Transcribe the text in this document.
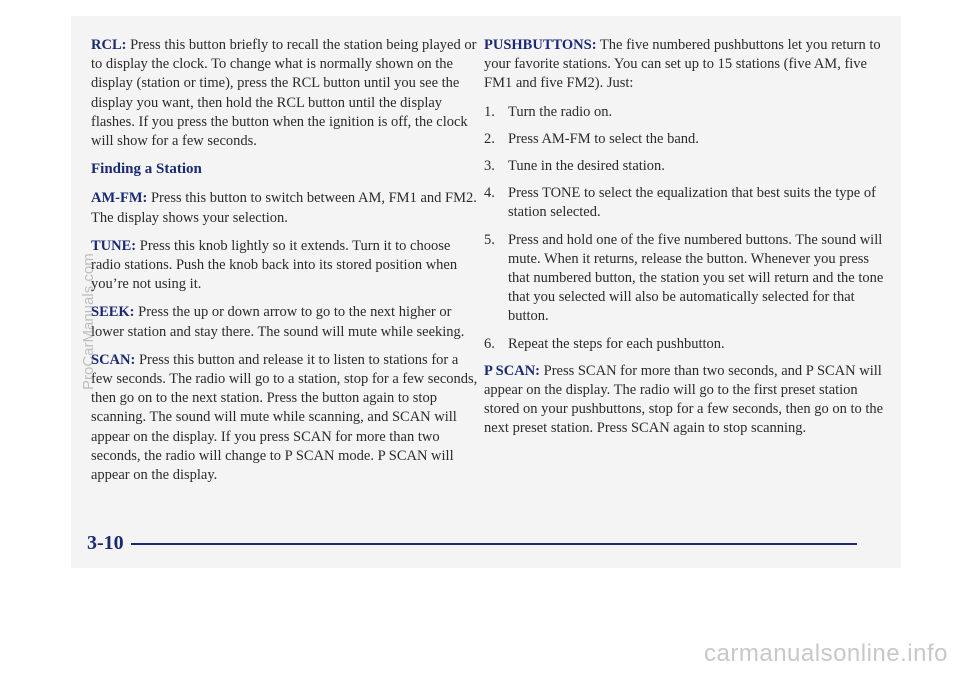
RCL: Press this button briefly to recall the station being played or to display the clock. To change what is normally shown on the display (station or time), press the RCL button until you see the display you want, then hold the RCL button until the display flashes. If you press the button when the ignition is off, the clock will show for a few seconds.

Finding a Station

AM-FM: Press this button to switch between AM, FM1 and FM2. The display shows your selection.

TUNE: Press this knob lightly so it extends. Turn it to choose radio stations. Push the knob back into its stored position when you’re not using it.

SEEK: Press the up or down arrow to go to the next higher or lower station and stay there. The sound will mute while seeking.

SCAN: Press this button and release it to listen to stations for a few seconds. The radio will go to a station, stop for a few seconds, then go on to the next station. Press the button again to stop scanning. The sound will mute while scanning, and SCAN will appear on the display. If you press SCAN for more than two seconds, the radio will change to P SCAN mode. P SCAN will appear on the display.

PUSHBUTTONS: The five numbered pushbuttons let you return to your favorite stations. You can set up to 15 stations (five AM, five FM1 and five FM2). Just:

1. Turn the radio on.
2. Press AM-FM to select the band.
3. Tune in the desired station.
4. Press TONE to select the equalization that best suits the type of station selected.
5. Press and hold one of the five numbered buttons. The sound will mute. When it returns, release the button. Whenever you press that numbered button, the station you set will return and the tone that you selected will also be automatically selected for that button.
6. Repeat the steps for each pushbutton.

P SCAN: Press SCAN for more than two seconds, and P SCAN will appear on the display. The radio will go to the first preset station stored on your pushbuttons, stop for a few seconds, then go on to the next preset station. Press SCAN again to stop scanning.

3-10
ProCarManuals.com
carmanualsonline.info
